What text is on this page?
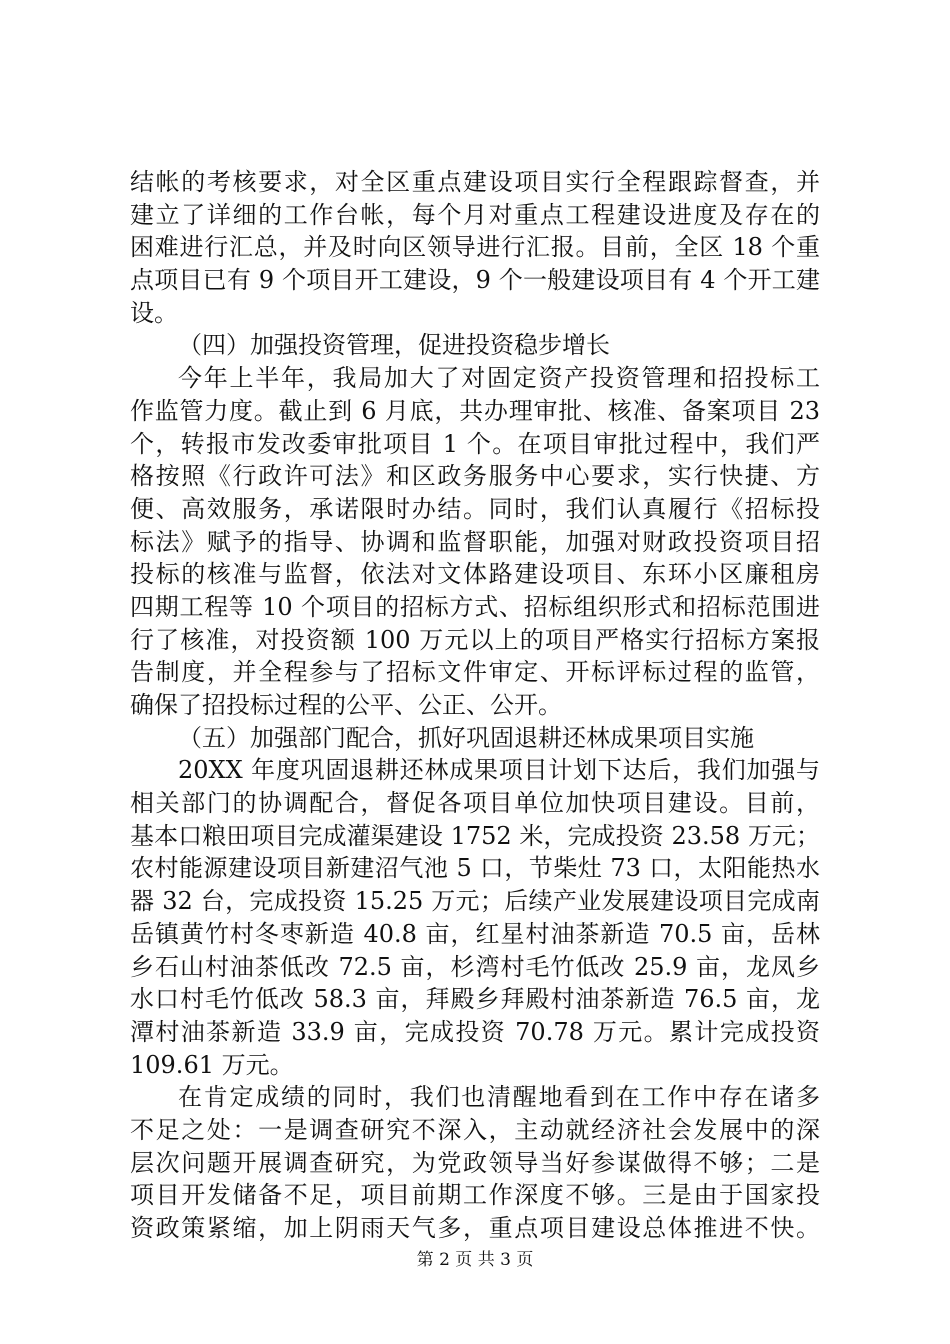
结帐的考核要求，对全区重点建设项目实行全程跟踪督查，并
建立了详细的工作台帐，每个月对重点工程建设进度及存在的
困难进行汇总，并及时向区领导进行汇报。目前，全区 18 个重
点项目已有 9 个项目开工建设，9 个一般建设项目有 4 个开工建
设。
（四）加强投资管理，促进投资稳步增长
今年上半年，我局加大了对固定资产投资管理和招投标工
作监管力度。截止到 6 月底，共办理审批、核准、备案项目 23
个，转报市发改委审批项目 1 个。在项目审批过程中，我们严
格按照《行政许可法》和区政务服务中心要求，实行快捷、方
便、高效服务，承诺限时办结。同时，我们认真履行《招标投
标法》赋予的指导、协调和监督职能，加强对财政投资项目招
投标的核准与监督，依法对文体路建设项目、东环小区廉租房
四期工程等 10 个项目的招标方式、招标组织形式和招标范围进
行了核准，对投资额 100 万元以上的项目严格实行招标方案报
告制度，并全程参与了招标文件审定、开标评标过程的监管，
确保了招投标过程的公平、公正、公开。
（五）加强部门配合，抓好巩固退耕还林成果项目实施
20XX 年度巩固退耕还林成果项目计划下达后，我们加强与
相关部门的协调配合，督促各项目单位加快项目建设。目前，
基本口粮田项目完成灌渠建设 1752 米，完成投资 23.58 万元；
农村能源建设项目新建沼气池 5 口，节柴灶 73 口，太阳能热水
器 32 台，完成投资 15.25 万元；后续产业发展建设项目完成南
岳镇黄竹村冬枣新造 40.8 亩，红星村油茶新造 70.5 亩，岳林
乡石山村油茶低改 72.5 亩，杉湾村毛竹低改 25.9 亩，龙凤乡
水口村毛竹低改 58.3 亩，拜殿乡拜殿村油茶新造 76.5 亩，龙
潭村油茶新造 33.9 亩，完成投资 70.78 万元。累计完成投资
109.61 万元。
在肯定成绩的同时，我们也清醒地看到在工作中存在诸多
不足之处：一是调查研究不深入，主动就经济社会发展中的深
层次问题开展调查研究，为党政领导当好参谋做得不够；二是
项目开发储备不足，项目前期工作深度不够。三是由于国家投
资政策紧缩，加上阴雨天气多，重点项目建设总体推进不快。
第 2 页 共 3 页
